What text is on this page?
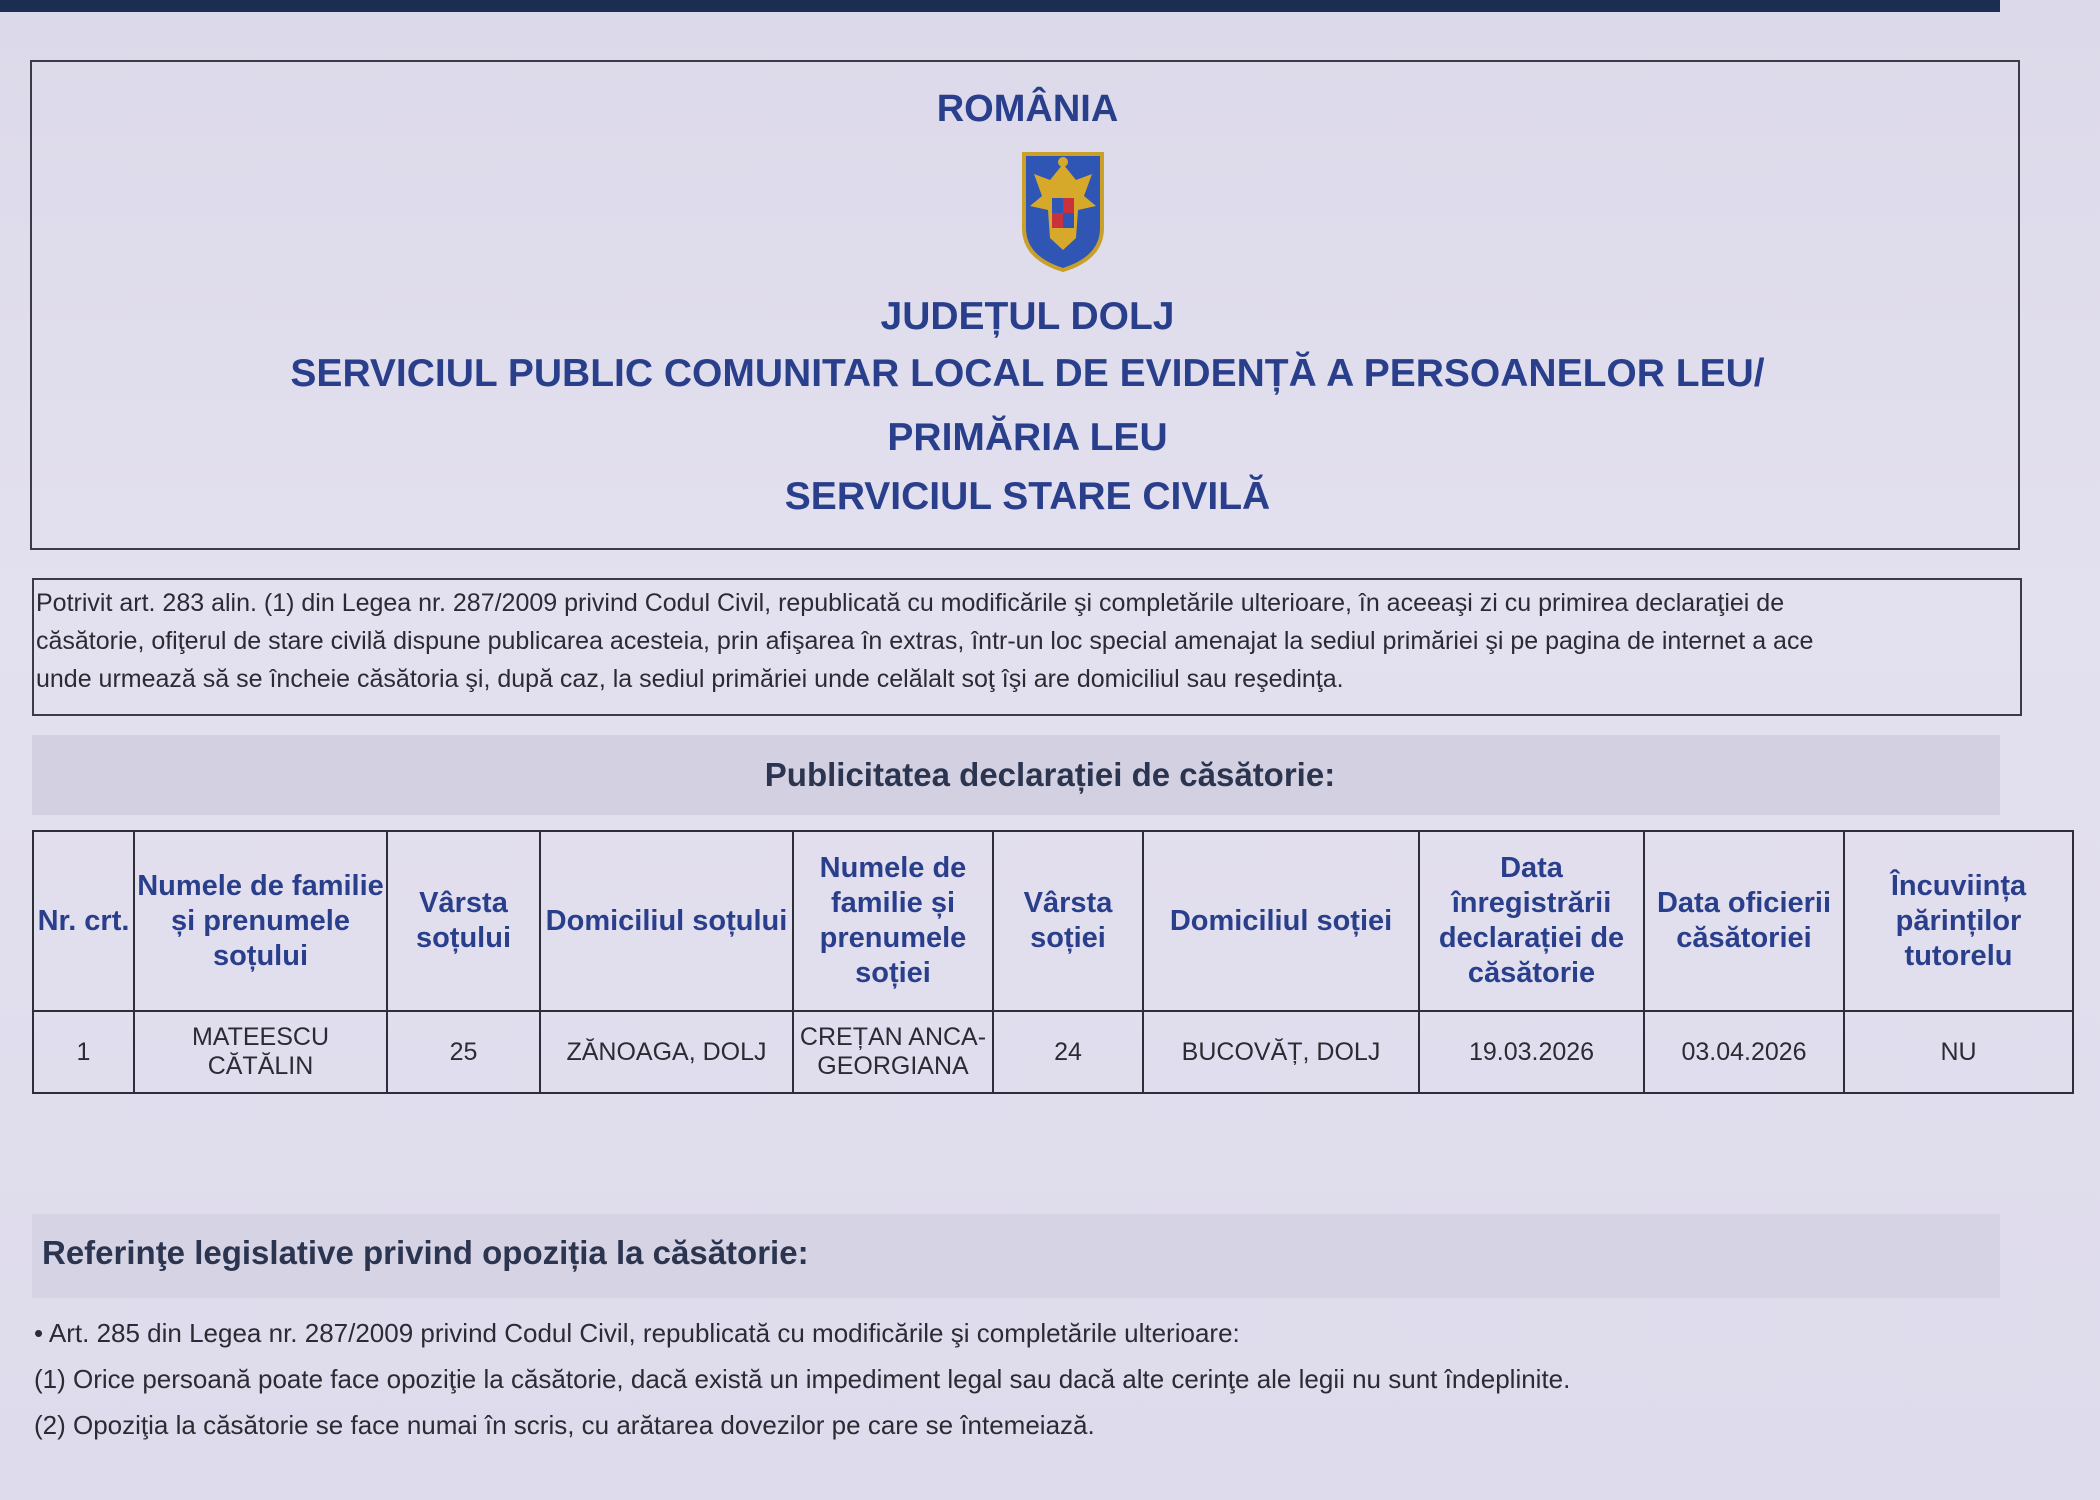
ROMÂNIA
JUDEȚUL DOLJ
SERVICIUL PUBLIC COMUNITAR LOCAL DE EVIDENȚĂ A PERSOANELOR LEU/
PRIMĂRIA LEU
SERVICIUL STARE CIVILĂ
Potrivit art. 283 alin. (1) din Legea nr. 287/2009 privind Codul Civil, republicată cu modificările şi completările ulterioare, în aceeaşi zi cu primirea declaraţiei de
căsătorie, ofiţerul de stare civilă dispune publicarea acesteia, prin afişarea în extras, într-un loc special amenajat la sediul primăriei şi pe pagina de internet a ace
unde urmează să se încheie căsătoria şi, după caz, la sediul primăriei unde celălalt soţ îşi are domiciliul sau reşedinţa.
Publicitatea declarației de căsătorie:
Nr. crt.	Numele de familie și prenumele soțului	Vârsta soțului	Domiciliul soțului	Numele de familie și prenumele soției	Vârsta soției	Domiciliul soției	Data înregistrării declarației de căsătorie	Data oficierii căsătoriei	Încuviința părinților tutorelu
1	MATEESCU CĂTĂLIN	25	ZĂNOAGA, DOLJ	CREȚAN ANCA-GEORGIANA	24	BUCOVĂȚ, DOLJ	19.03.2026	03.04.2026	NU
Referinţe legislative privind opoziția la căsătorie:
• Art. 285 din Legea nr. 287/2009 privind Codul Civil, republicată cu modificările şi completările ulterioare:
(1) Orice persoană poate face opoziţie la căsătorie, dacă există un impediment legal sau dacă alte cerinţe ale legii nu sunt îndeplinite.
(2) Opoziţia la căsătorie se face numai în scris, cu arătarea dovezilor pe care se întemeiază.
